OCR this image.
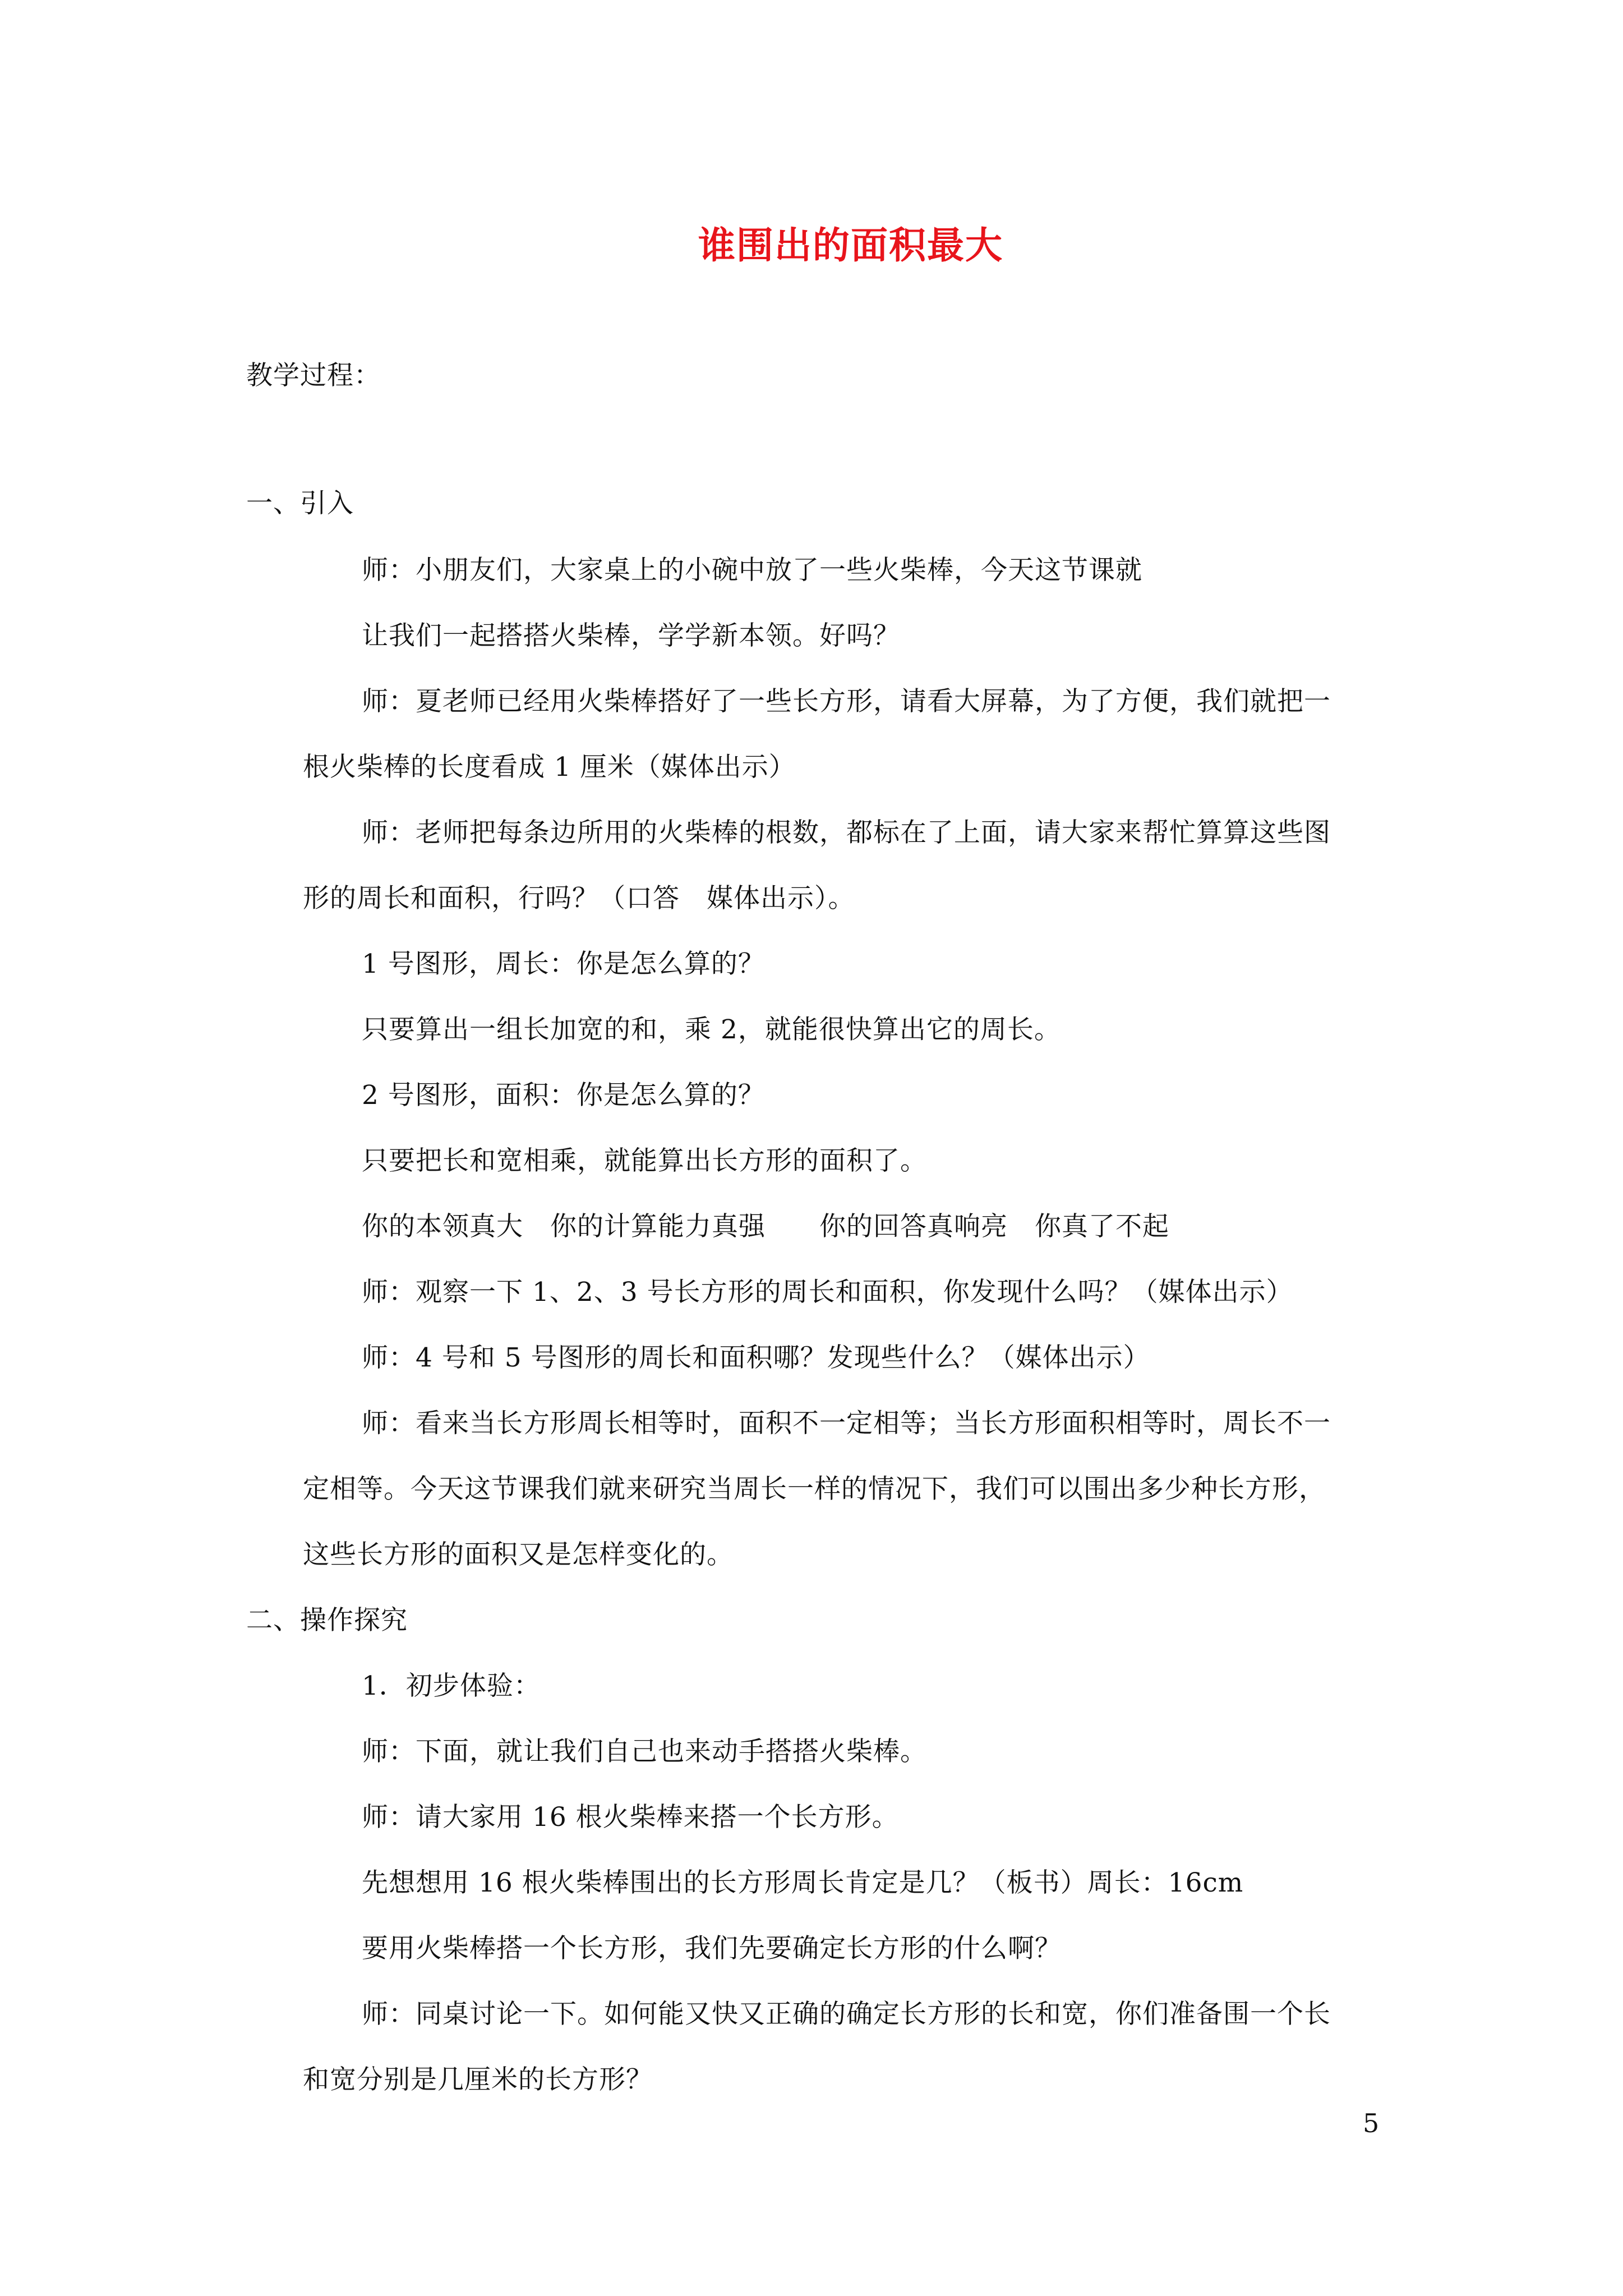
谁围出的面积最大
教学过程：
一、引入
师：小朋友们，大家桌上的小碗中放了一些火柴棒，今天这节课就
让我们一起搭搭火柴棒，学学新本领。好吗？
师：夏老师已经用火柴棒搭好了一些长方形，请看大屏幕，为了方便，我们就把一
根火柴棒的长度看成 1 厘米（媒体出示）
师：老师把每条边所用的火柴棒的根数，都标在了上面，请大家来帮忙算算这些图
形的周长和面积，行吗？（口答　媒体出示）。
1 号图形，周长：你是怎么算的？
只要算出一组长加宽的和，乘 2，就能很快算出它的周长。
2 号图形，面积：你是怎么算的？
只要把长和宽相乘，就能算出长方形的面积了。
你的本领真大　你的计算能力真强　　你的回答真响亮　你真了不起
师：观察一下 1、2、3 号长方形的周长和面积，你发现什么吗？（媒体出示）
师：4 号和 5 号图形的周长和面积哪？发现些什么？（媒体出示）
师：看来当长方形周长相等时，面积不一定相等；当长方形面积相等时，周长不一
定相等。今天这节课我们就来研究当周长一样的情况下，我们可以围出多少种长方形，
这些长方形的面积又是怎样变化的。
二、操作探究
1．初步体验：
师：下面，就让我们自己也来动手搭搭火柴棒。
师：请大家用 16 根火柴棒来搭一个长方形。
先想想用 16 根火柴棒围出的长方形周长肯定是几？（板书）周长：16cm
要用火柴棒搭一个长方形，我们先要确定长方形的什么啊？
师：同桌讨论一下。如何能又快又正确的确定长方形的长和宽，你们准备围一个长
和宽分别是几厘米的长方形？
5
